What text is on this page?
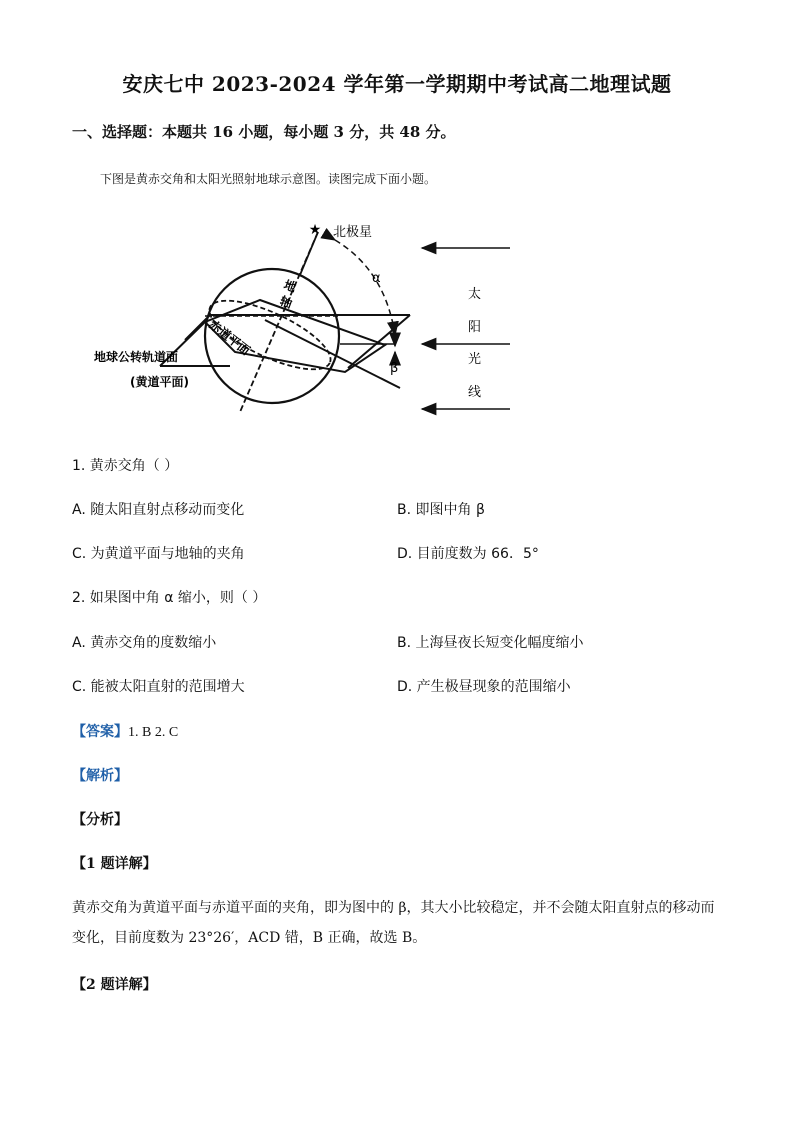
安庆七中 2023-2024 学年第一学期期中考试高二地理试题
一、选择题：本题共 16 小题，每小题 3 分，共 48 分。
下图是黄赤交角和太阳光照射地球示意图。读图完成下面小题。
★ 北极星
α
β
太
阳
光
线
地
轴
赤道平面
地球公转轨道面
(黄道平面)
1. 黄赤交角（ ）
A. 随太阳直射点移动而变化	B. 即图中角 β
C. 为黄道平面与地轴的夹角	D. 目前度数为 66．5°
2. 如果图中角 α 缩小，则（ ）
A. 黄赤交角的度数缩小	B. 上海昼夜长短变化幅度缩小
C. 能被太阳直射的范围增大	D. 产生极昼现象的范围缩小
【答案】1. B 2. C
【解析】
【分析】
【1 题详解】
黄赤交角为黄道平面与赤道平面的夹角，即为图中的 β，其大小比较稳定，并不会随太阳直射点的移动而变化，目前度数为 23°26′，ACD 错，B 正确，故选 B。
【2 题详解】
